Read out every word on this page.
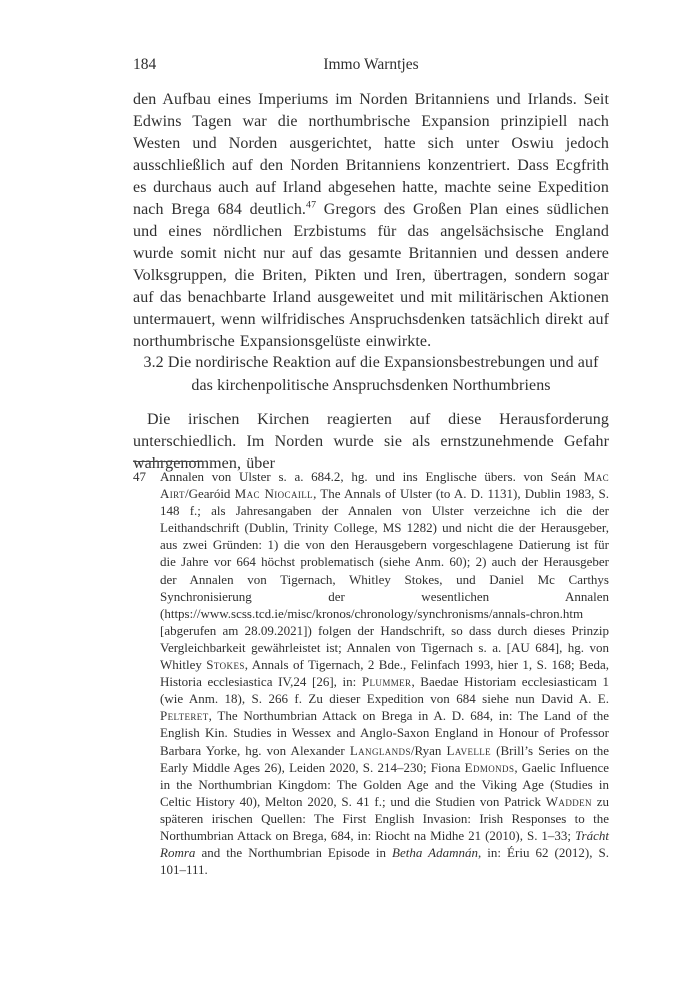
184	Immo Warntjes
den Aufbau eines Imperiums im Norden Britanniens und Irlands. Seit Edwins Tagen war die northumbrische Expansion prinzipiell nach Westen und Norden ausgerichtet, hatte sich unter Oswiu jedoch ausschließlich auf den Norden Britanniens konzentriert. Dass Ecgfrith es durchaus auch auf Irland abgesehen hatte, machte seine Expedition nach Brega 684 deutlich.$^{47}$ Gregors des Großen Plan eines südlichen und eines nördlichen Erzbistums für das angelsächsische England wurde somit nicht nur auf das gesamte Britannien und dessen andere Volksgruppen, die Briten, Pikten und Iren, übertragen, sondern sogar auf das benachbarte Irland ausgeweitet und mit militärischen Aktionen untermauert, wenn wilfridisches Anspruchsdenken tatsächlich direkt auf northumbrische Expansionsgelüste einwirkte.
3.2 Die nordirische Reaktion auf die Expansionsbestrebungen und auf das kirchenpolitische Anspruchsdenken Northumbriens
Die irischen Kirchen reagierten auf diese Herausforderung unterschiedlich. Im Norden wurde sie als ernstzunehmende Gefahr wahrgenommen, über
47	Annalen von Ulster s. a. 684.2, hg. und ins Englische übers. von Seán Mac Airt/Gearóid Mac Niocaill, The Annals of Ulster (to A. D. 1131), Dublin 1983, S. 148 f.; als Jahresangaben der Annalen von Ulster verzeichne ich die der Leithandschrift (Dublin, Trinity College, MS 1282) und nicht die der Herausgeber, aus zwei Gründen: 1) die von den Herausgebern vorgeschlagene Datierung ist für die Jahre vor 664 höchst problematisch (siehe Anm. 60); 2) auch der Herausgeber der Annalen von Tigernach, Whitley Stokes, und Daniel Mc Carthys Synchronisierung der wesentlichen Annalen (https://www.scss.tcd.ie/misc/kronos/chronology/synchronisms/annals-chron.htm [abgerufen am 28.09.2021]) folgen der Handschrift, so dass durch dieses Prinzip Vergleichbarkeit gewährleistet ist; Annalen von Tigernach s. a. [AU 684], hg. von Whitley Stokes, Annals of Tigernach, 2 Bde., Felinfach 1993, hier 1, S. 168; Beda, Historia ecclesiastica IV,24 [26], in: Plummer, Baedae Historiam ecclesiasticam 1 (wie Anm. 18), S. 266 f. Zu dieser Expedition von 684 siehe nun David A. E. Pelteret, The Northumbrian Attack on Brega in A. D. 684, in: The Land of the English Kin. Studies in Wessex and Anglo-Saxon England in Honour of Professor Barbara Yorke, hg. von Alexander Langlands/Ryan Lavelle (Brill’s Series on the Early Middle Ages 26), Leiden 2020, S. 214–230; Fiona Edmonds, Gaelic Influence in the Northumbrian Kingdom: The Golden Age and the Viking Age (Studies in Celtic History 40), Melton 2020, S. 41 f.; und die Studien von Patrick Wadden zu späteren irischen Quellen: The First English Invasion: Irish Responses to the Northumbrian Attack on Brega, 684, in: Riocht na Midhe 21 (2010), S. 1–33; Trácht Romra and the Northumbrian Episode in Betha Adamnán, in: Ériu 62 (2012), S. 101–111.
